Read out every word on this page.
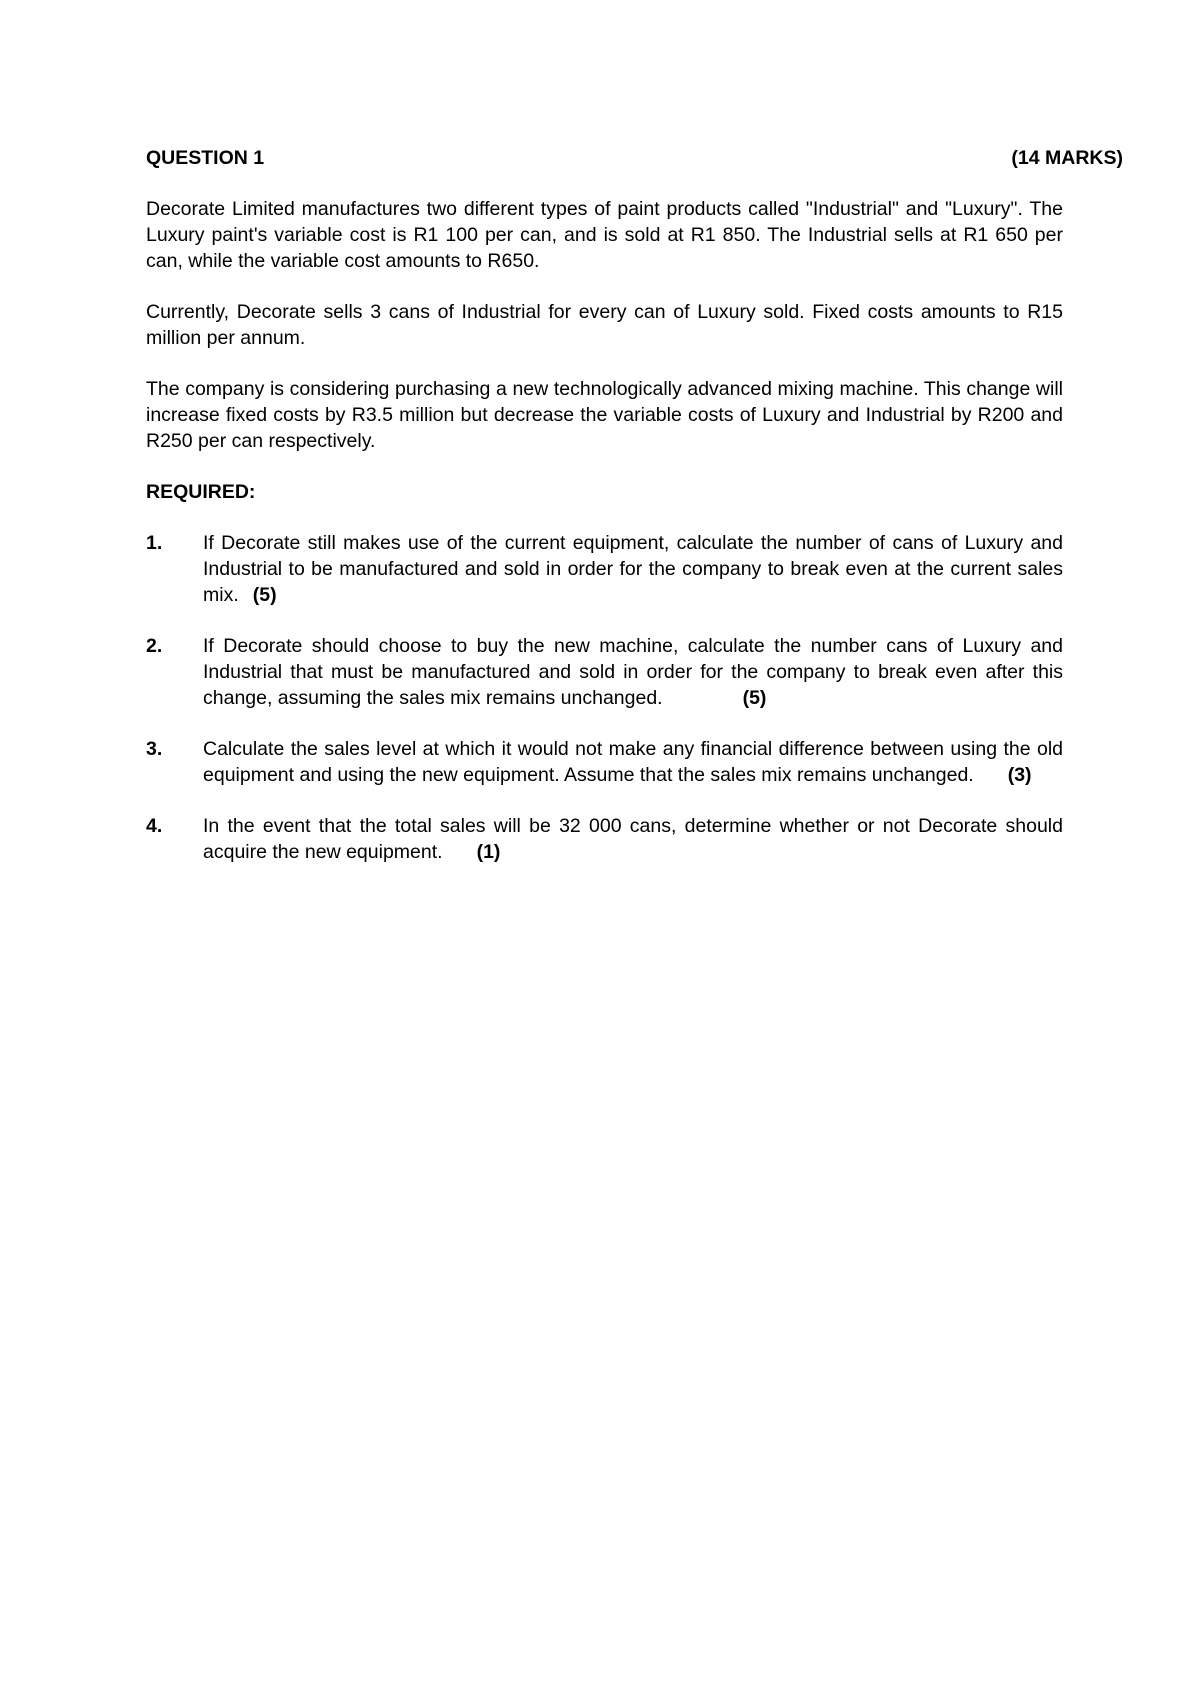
QUESTION 1	(14 MARKS)

Decorate Limited manufactures two different types of paint products called "Industrial" and "Luxury". The Luxury paint's variable cost is R1 100 per can, and is sold at R1 850. The Industrial sells at R1 650 per can, while the variable cost amounts to R650.

Currently, Decorate sells 3 cans of Industrial for every can of Luxury sold. Fixed costs amounts to R15 million per annum.

The company is considering purchasing a new technologically advanced mixing machine. This change will increase fixed costs by R3.5 million but decrease the variable costs of Luxury and Industrial by R200 and R250 per can respectively.

REQUIRED:
1.	If Decorate still makes use of the current equipment, calculate the number of cans of Luxury and Industrial to be manufactured and sold in order for the company to break even at the current sales mix. (5)
2.	If Decorate should choose to buy the new machine, calculate the number cans of Luxury and Industrial that must be manufactured and sold in order for the company to break even after this change, assuming the sales mix remains unchanged.	(5)
3.	Calculate the sales level at which it would not make any financial difference between using the old equipment and using the new equipment. Assume that the sales mix remains unchanged. (3)
4.	In the event that the total sales will be 32 000 cans, determine whether or not Decorate should acquire the new equipment. (1)
